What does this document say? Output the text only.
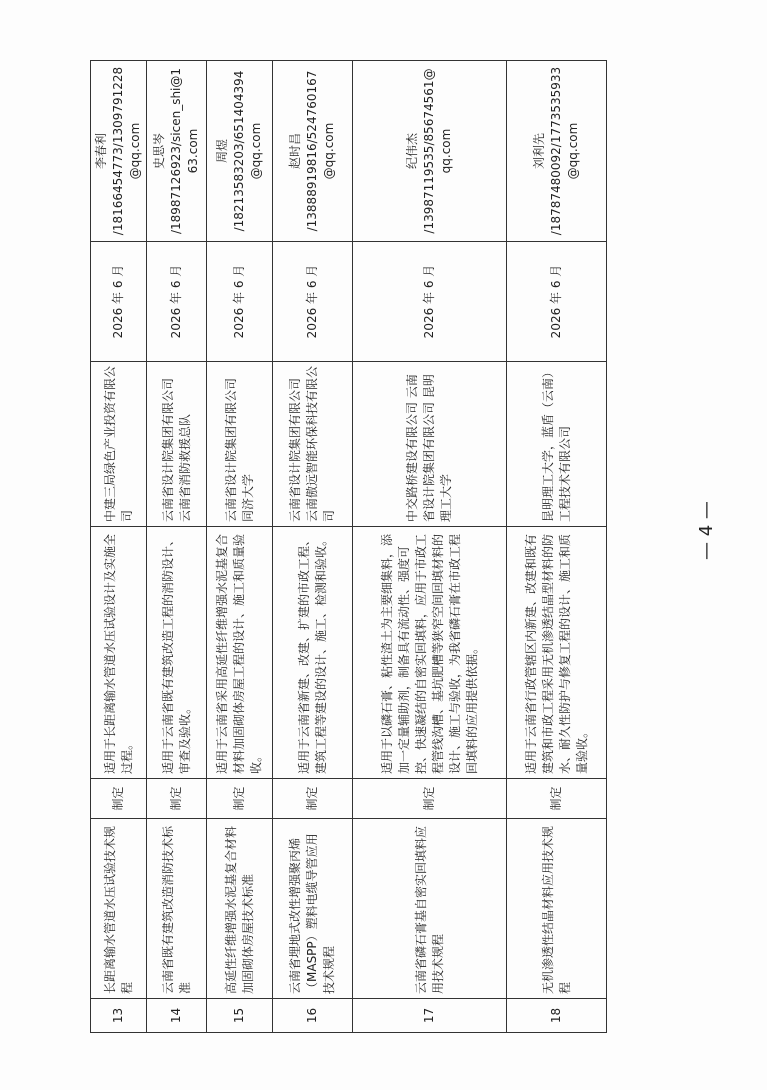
13	长距离输水管道水压试验技术规程	制定	适用于长距离输水管道水压试验设计及实施全过程。	中建三局绿色产业投资有限公司	2026 年 6 月	李春利 /18166454773/1309791228@qq.com

14	云南省既有建筑改造消防技术标准	制定	适用于云南省既有建筑改造工程的消防设计、审查及验收。	云南省设计院集团有限公司 云南省消防救援总队	2026 年 6 月	史思岑 /18987126923/sicen_shi@163.com

15	高延性纤维增强水泥基复合材料加固砌体房屋技术标准	制定	适用于云南省采用高延性纤维增强水泥基复合材料加固砌体房屋工程的设计、施工和质量验收。	云南省设计院集团有限公司 同济大学	2026 年 6 月	周煜 /18213583203/651404394@qq.com

16	云南省埋地式改性增强聚丙烯（MASPP）塑料电缆导管应用技术规程	制定	适用于云南省新建、改建、扩建的市政工程、建筑工程等建设的设计、施工、检测和验收。	云南省设计院集团有限公司 云南傲远智能环保科技有限公司	2026 年 6 月	赵时昌 /13888919816/524760167@qq.com

17	云南省磷石膏基自密实回填料应用技术规程	制定	适用于以磷石膏、粘性渣土为主要细集料，添加一定量辅助剂，制备具有流动性、强度可控、快速凝结的自密实回填料，应用于市政工程管线沟槽、基坑肥槽等狭窄空间回填材料的设计、施工与验收，为我省磷石膏在市政工程回填料的应用提供依据。	中交路桥建设有限公司 云南省设计院集团有限公司 昆明理工大学	2026 年 6 月	纪伟杰 /13987119535/85674561@qq.com

18	无机渗透性结晶材料应用技术规程	制定	适用于云南省行政管辖区内新建、改建和既有建筑和市政工程采用无机渗透结晶型材料的防水、耐久性防护与修复工程的设计、施工和质量验收。	昆明理工大学，蓝盾（云南）工程技术有限公司	2026 年 6 月	刘利先 /18787480092/1773535933@qq.com
— 4 —
